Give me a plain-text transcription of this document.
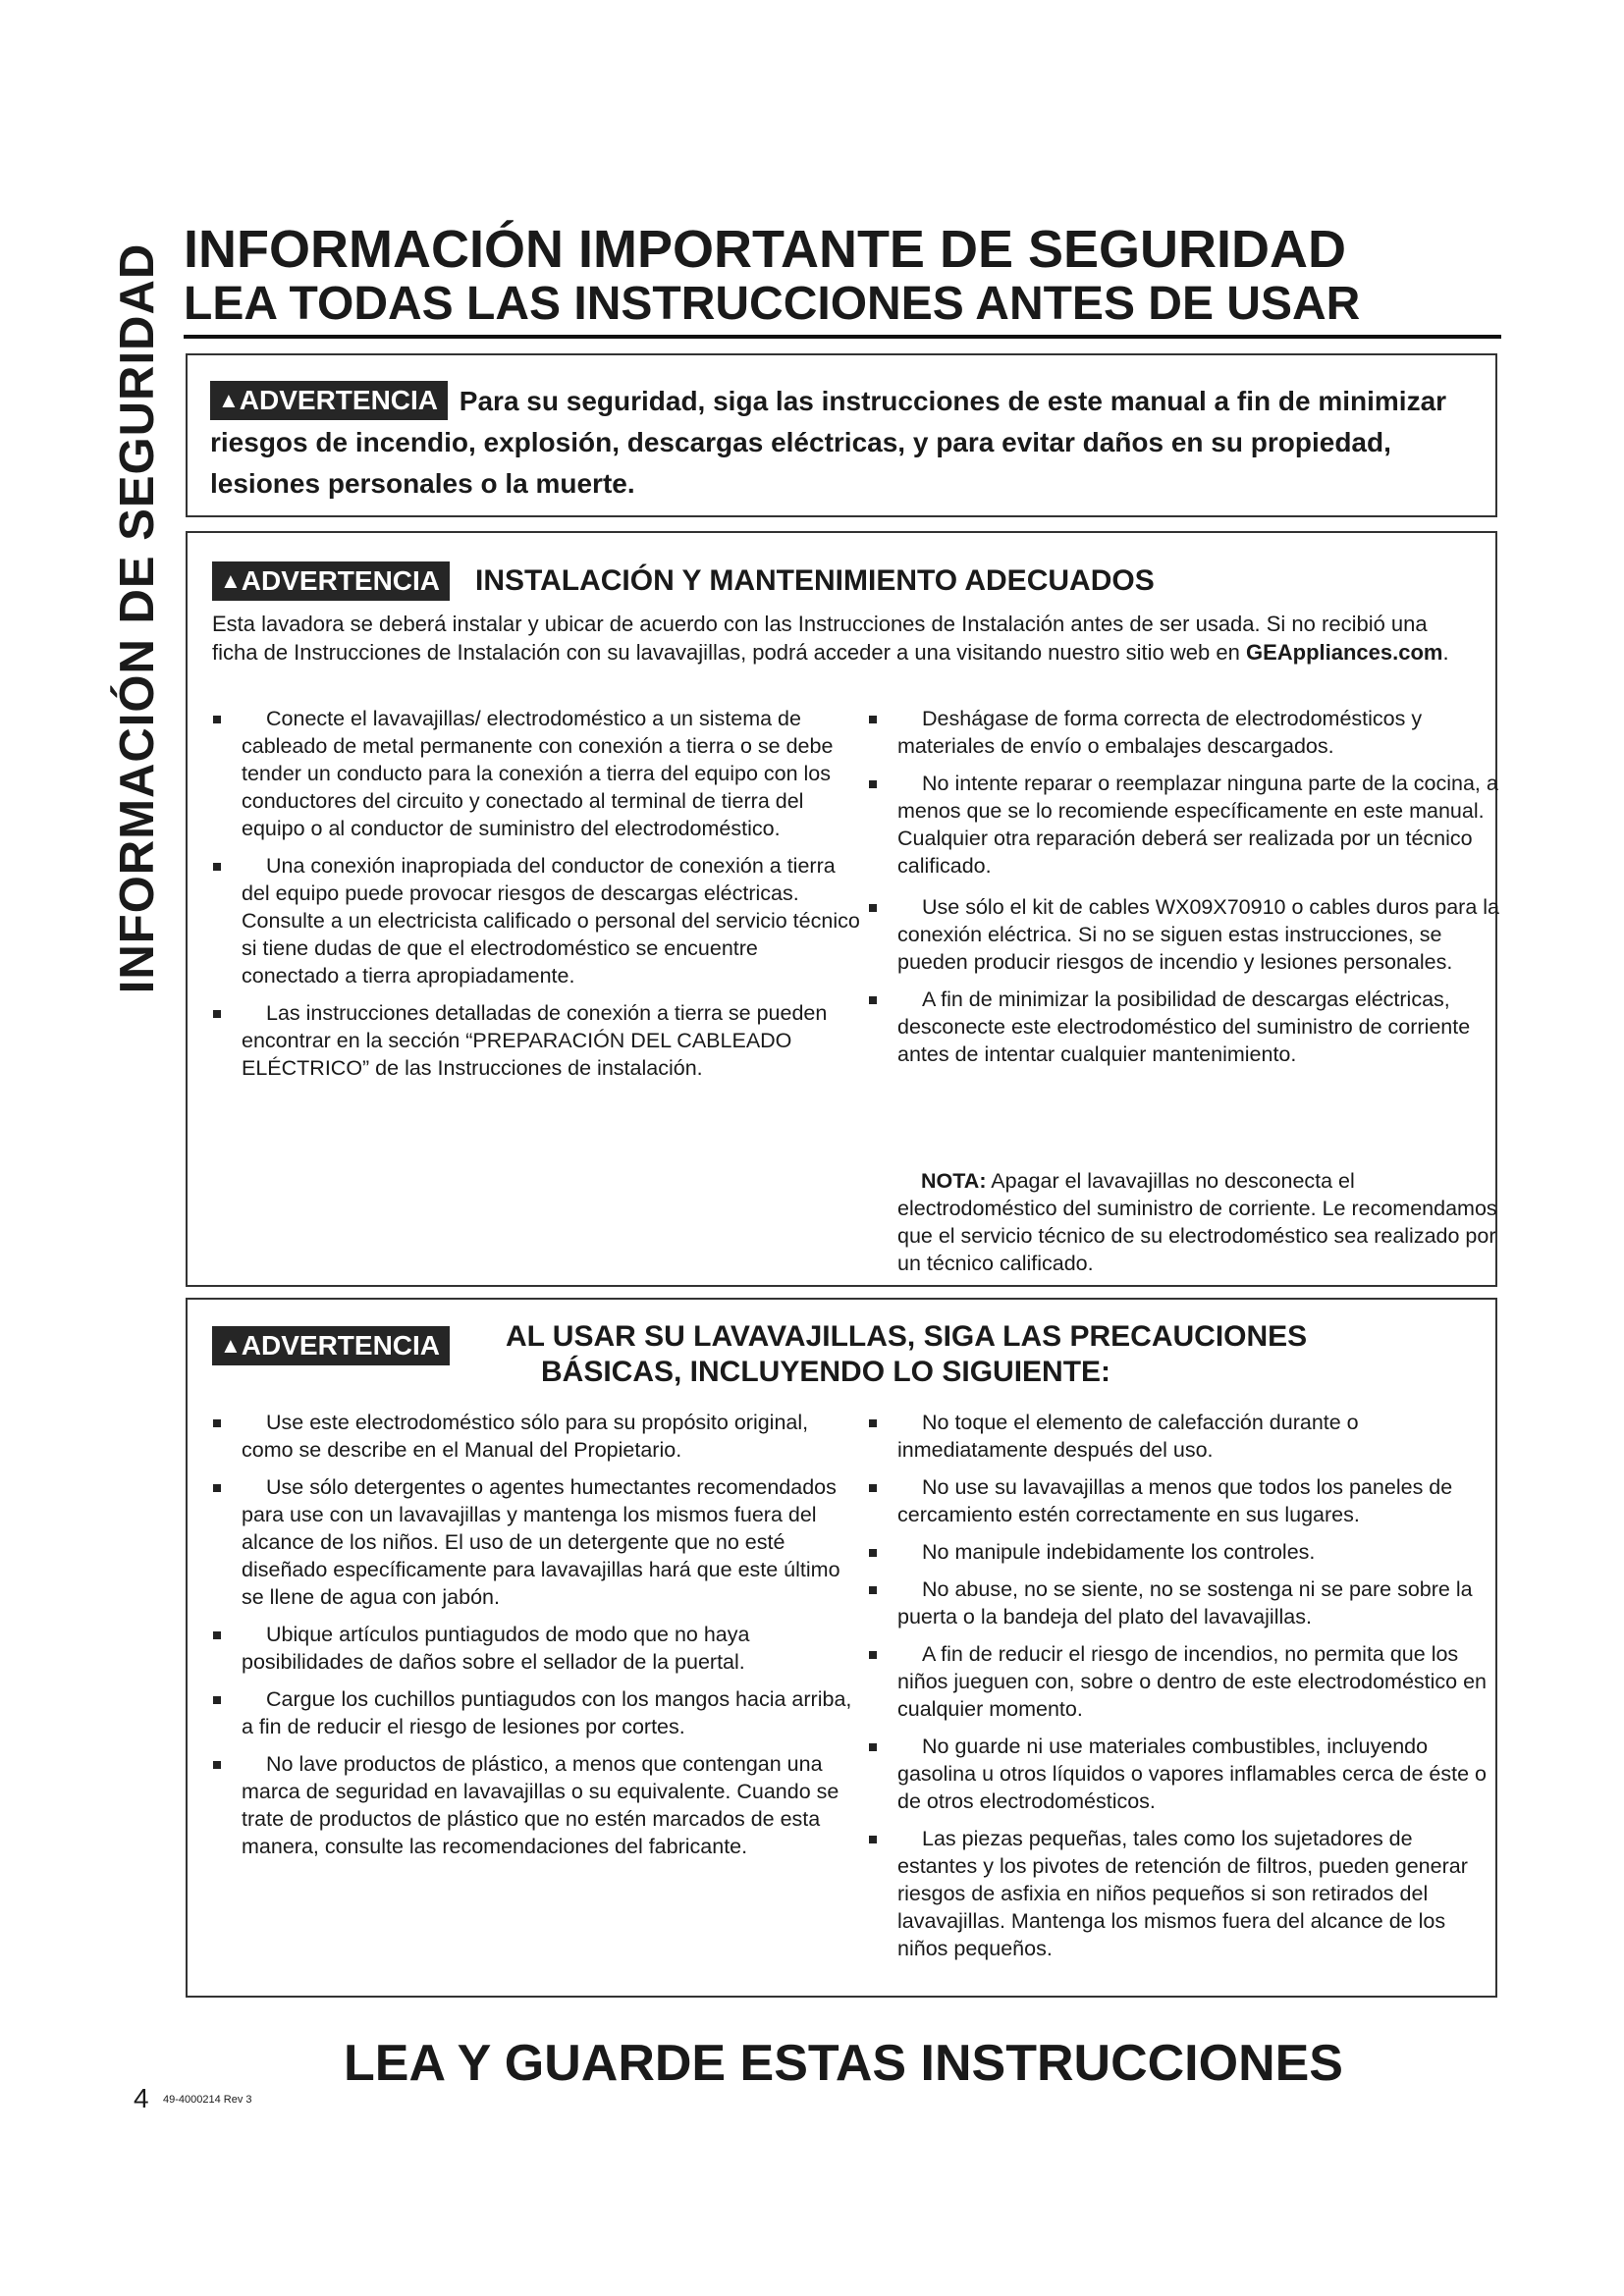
INFORMACIÓN DE SEGURIDAD INFORMACIÓN IMPORTANTE DE SEGURIDAD
LEA TODAS LAS INSTRUCCIONES ANTES DE USAR

▲ADVERTENCIA Para su seguridad, siga las instrucciones de este manual a fin de minimizar riesgos de incendio, explosión, descargas eléctricas, y para evitar daños en su propiedad, lesiones personales o la muerte.

▲ADVERTENCIA	INSTALACIÓN Y MANTENIMIENTO ADECUADOS

Esta lavadora se deberá instalar y ubicar de acuerdo con las Instrucciones de Instalación antes de ser usada. Si no recibió una ficha de Instrucciones de Instalación con su lavavajillas, podrá acceder a una visitando nuestro sitio web en GEAppliances.com.

Conecte el lavavajillas/ electrodoméstico a un sistema de cableado de metal permanente con conexión a tierra o se debe tender un conducto para la conexión a tierra del equipo con los conductores del circuito y conectado al terminal de tierra del equipo o al conductor de suministro del electrodoméstico.
Una conexión inapropiada del conductor de conexión a tierra del equipo puede provocar riesgos de descargas eléctricas. Consulte a un electricista calificado o personal del servicio técnico si tiene dudas de que el electrodoméstico se encuentre conectado a tierra apropiadamente.
Las instrucciones detalladas de conexión a tierra se pueden encontrar en la sección “PREPARACIÓN DEL CABLEADO ELÉCTRICO” de las Instrucciones de instalación.
Deshágase de forma correcta de electrodomésticos y materiales de envío o embalajes descargados.
No intente reparar o reemplazar ninguna parte de la cocina, a menos que se lo recomiende específicamente en este manual. Cualquier otra reparación deberá ser realizada por un técnico calificado.
Use sólo el kit de cables WX09X70910 o cables duros para la conexión eléctrica. Si no se siguen estas instrucciones, se pueden producir riesgos de incendio y lesiones personales.
A fin de minimizar la posibilidad de descargas eléctricas, desconecte este electrodoméstico del suministro de corriente antes de intentar cualquier mantenimiento.

NOTA: Apagar el lavavajillas no desconecta el electrodoméstico del suministro de corriente. Le recomendamos que el servicio técnico de su electrodoméstico sea realizado por un técnico calificado.

▲ADVERTENCIA	AL USAR SU LAVAVAJILLAS, SIGA LAS PRECAUCIONES
BÁSICAS, INCLUYENDO LO SIGUIENTE:
Use este electrodoméstico sólo para su propósito original, como se describe en el Manual del Propietario.
Use sólo detergentes o agentes humectantes recomendados para use con un lavavajillas y mantenga los mismos fuera del alcance de los niños. El uso de un detergente que no esté diseñado específicamente para lavavajillas hará que este último se llene de agua con jabón.
Ubique artículos puntiagudos de modo que no haya posibilidades de daños sobre el sellador de la puertal.
Cargue los cuchillos puntiagudos con los mangos hacia arriba, a fin de reducir el riesgo de lesiones por cortes.
No lave productos de plástico, a menos que contengan una marca de seguridad en lavavajillas o su equivalente. Cuando se trate de productos de plástico que no estén marcados de esta manera, consulte las recomendaciones del fabricante.
No toque el elemento de calefacción durante o inmediatamente después del uso.
No use su lavavajillas a menos que todos los paneles de cercamiento estén correctamente en sus lugares.
No manipule indebidamente los controles.
No abuse, no se siente, no se sostenga ni se pare sobre la puerta o la bandeja del plato del lavavajillas.
A fin de reducir el riesgo de incendios, no permita que los niños jueguen con, sobre o dentro de este electrodoméstico en cualquier momento.
No guarde ni use materiales combustibles, incluyendo gasolina u otros líquidos o vapores inflamables cerca de éste o de otros electrodomésticos.
Las piezas pequeñas, tales como los sujetadores de estantes y los pivotes de retención de filtros, pueden generar riesgos de asfixia en niños pequeños si son retirados del lavavajillas. Mantenga los mismos fuera del alcance de los niños pequeños.
LEA Y GUARDE ESTAS INSTRUCCIONES
4 49-4000214 Rev 3
